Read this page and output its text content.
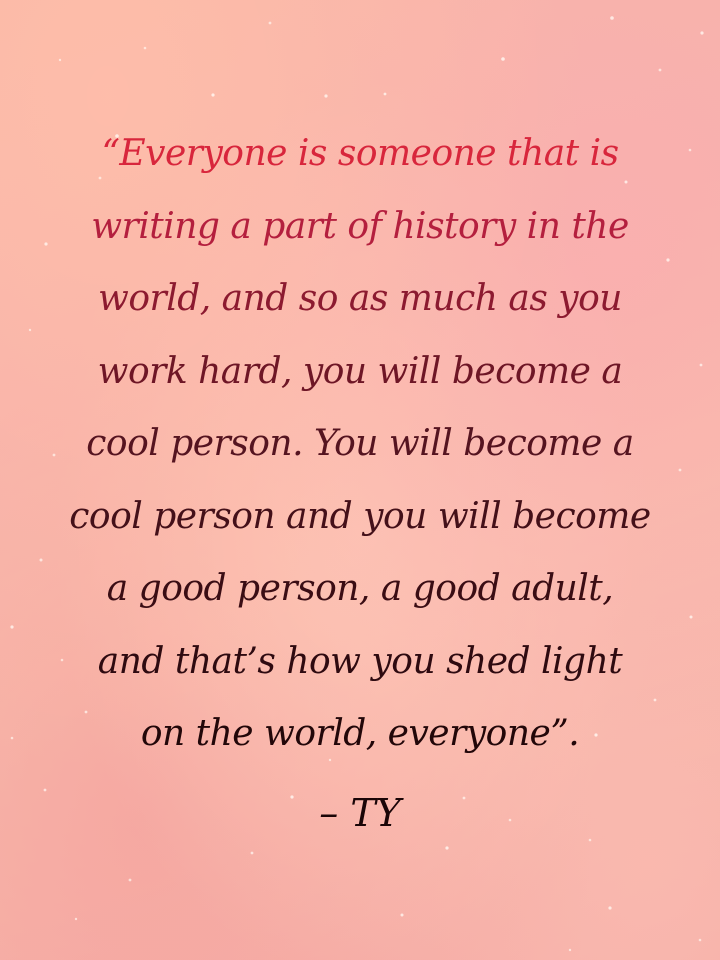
“Everyone is someone that is

writing a part of history in the

world, and so as much as you

work hard, you will become a

cool person. You will become a

cool person and you will become

a good person, a good adult,

and that’s how you shed light

on the world, everyone”.

– TY
